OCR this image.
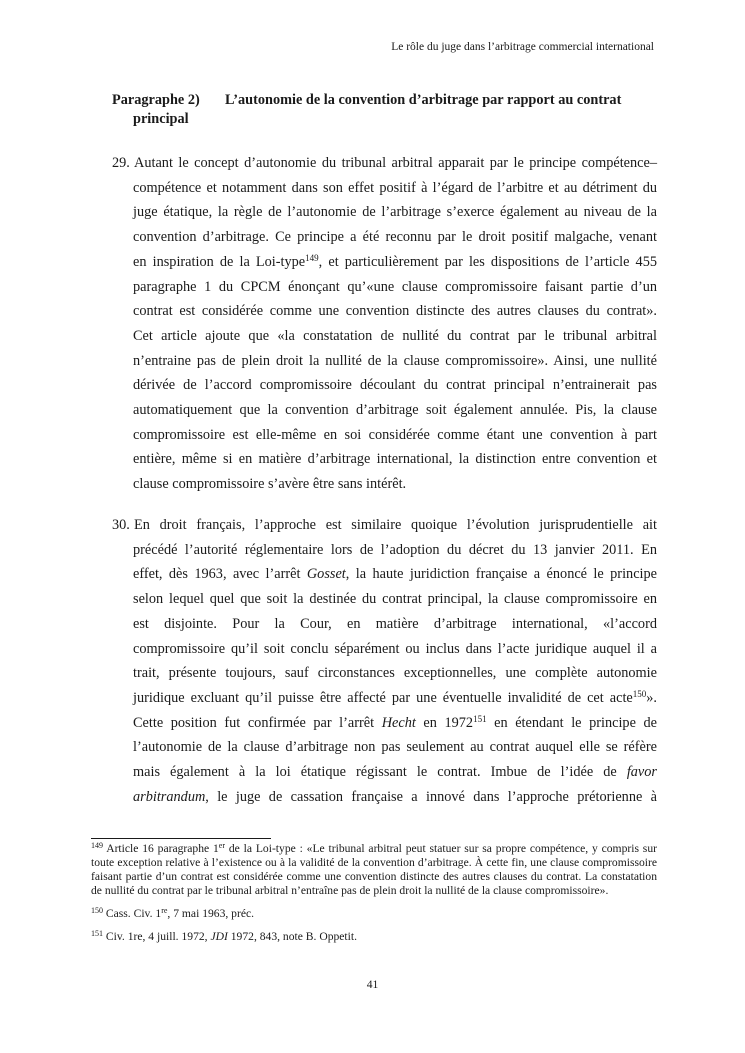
Le rôle du juge dans l’arbitrage commercial international
Paragraphe 2) L’autonomie de la convention d’arbitrage par rapport au contrat
principal
29. Autant le concept d’autonomie du tribunal arbitral apparait par le principe compétence–
compétence et notamment dans son effet positif à l’égard de l’arbitre et au détriment du
juge étatique, la règle de l’autonomie de l’arbitrage s’exerce également au niveau de la
convention d’arbitrage. Ce principe a été reconnu par le droit positif malgache, venant
en inspiration de la Loi-type$^{149}$, et particulièrement par les dispositions de l’article 455
paragraphe 1 du CPCM énonçant qu’«une clause compromissoire faisant partie d’un
contrat est considérée comme une convention distincte des autres clauses du contrat».
Cet article ajoute que «la constatation de nullité du contrat par le tribunal arbitral
n’entraine pas de plein droit la nullité de la clause compromissoire». Ainsi, une nullité
dérivée de l’accord compromissoire découlant du contrat principal n’entrainerait pas
automatiquement que la convention d’arbitrage soit également annulée. Pis, la clause
compromissoire est elle-même en soi considérée comme étant une convention à part
entière, même si en matière d’arbitrage international, la distinction entre convention et
clause compromissoire s’avère être sans intérêt.
30. En droit français, l’approche est similaire quoique l’évolution jurisprudentielle ait
précédé l’autorité réglementaire lors de l’adoption du décret du 13 janvier 2011. En
effet, dès 1963, avec l’arrêt Gosset, la haute juridiction française a énoncé le principe
selon lequel quel que soit la destinée du contrat principal, la clause compromissoire en
est disjointe. Pour la Cour, en matière d’arbitrage international, «l’accord
compromissoire qu’il soit conclu séparément ou inclus dans l’acte juridique auquel il a
trait, présente toujours, sauf circonstances exceptionnelles, une complète autonomie
juridique excluant qu’il puisse être affecté par une éventuelle invalidité de cet acte$^{150}$».
Cette position fut confirmée par l’arrêt Hecht en 1972$^{151}$ en étendant le principe de
l’autonomie de la clause d’arbitrage non pas seulement au contrat auquel elle se réfère
mais également à la loi étatique régissant le contrat. Imbue de l’idée de favor
arbitrandum, le juge de cassation française a innové dans l’approche prétorienne à

$^{149}$ Article 16 paragraphe 1er de la Loi-type : «Le tribunal arbitral peut statuer sur sa propre compétence, y compris sur toute exception relative à l’existence ou à la validité de la convention d’arbitrage. À cette fin, une clause compromissoire faisant partie d’un contrat est considérée comme une convention distincte des autres clauses du contrat. La constatation de nullité du contrat par le tribunal arbitral n’entraîne pas de plein droit la nullité de la clause compromissoire».

$^{150}$ Cass. Civ. 1re, 7 mai 1963, préc.

$^{151}$ Civ. 1re, 4 juill. 1972, JDI 1972, 843, note B. Oppetit.

41
